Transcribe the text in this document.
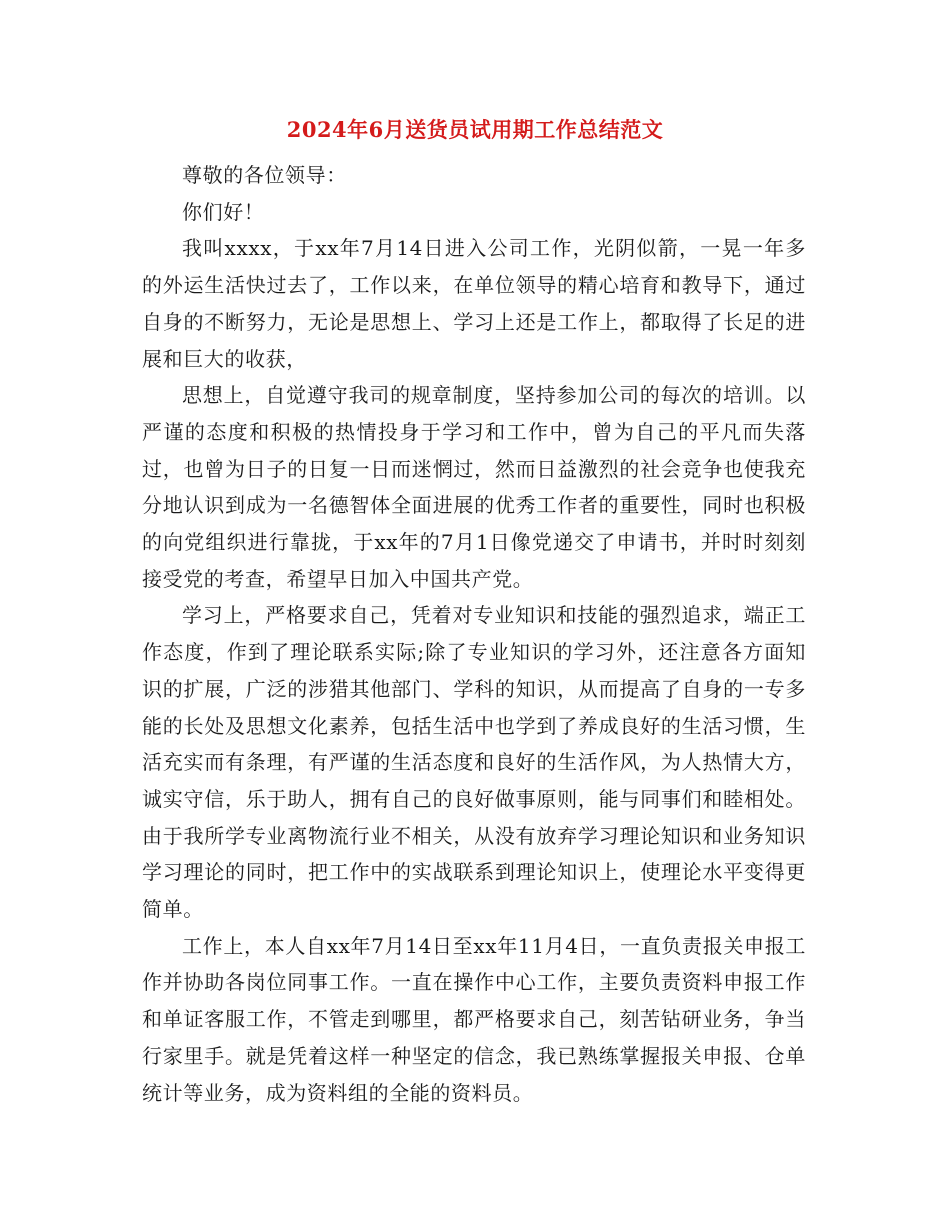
2024年6月送货员试用期工作总结范文

尊敬的各位领导：

你们好！

我叫xxxx，于xx年7月14日进入公司工作，光阴似箭，一晃一年多的外运生活快过去了，工作以来，在单位领导的精心培育和教导下，通过自身的不断努力，无论是思想上、学习上还是工作上，都取得了长足的进展和巨大的收获，

思想上，自觉遵守我司的规章制度，坚持参加公司的每次的培训。以严谨的态度和积极的热情投身于学习和工作中，曾为自己的平凡而失落过，也曾为日子的日复一日而迷惘过，然而日益激烈的社会竞争也使我充分地认识到成为一名德智体全面进展的优秀工作者的重要性，同时也积极的向党组织进行靠拢，于xx年的7月1日像党递交了申请书，并时时刻刻接受党的考查，希望早日加入中国共产党。

学习上，严格要求自己，凭着对专业知识和技能的强烈追求，端正工作态度，作到了理论联系实际;除了专业知识的学习外，还注意各方面知识的扩展，广泛的涉猎其他部门、学科的知识，从而提高了自身的一专多能的长处及思想文化素养，包括生活中也学到了养成良好的生活习惯，生活充实而有条理，有严谨的生活态度和良好的生活作风，为人热情大方，诚实守信，乐于助人，拥有自己的良好做事原则，能与同事们和睦相处。由于我所学专业离物流行业不相关，从没有放弃学习理论知识和业务知识学习理论的同时，把工作中的实战联系到理论知识上，使理论水平变得更简单。

工作上，本人自xx年7月14日至xx年11月4日，一直负责报关申报工作并协助各岗位同事工作。一直在操作中心工作，主要负责资料申报工作和单证客服工作，不管走到哪里，都严格要求自己，刻苦钻研业务，争当行家里手。就是凭着这样一种坚定的信念，我已熟练掌握报关申报、仓单统计等业务，成为资料组的全能的资料员。
